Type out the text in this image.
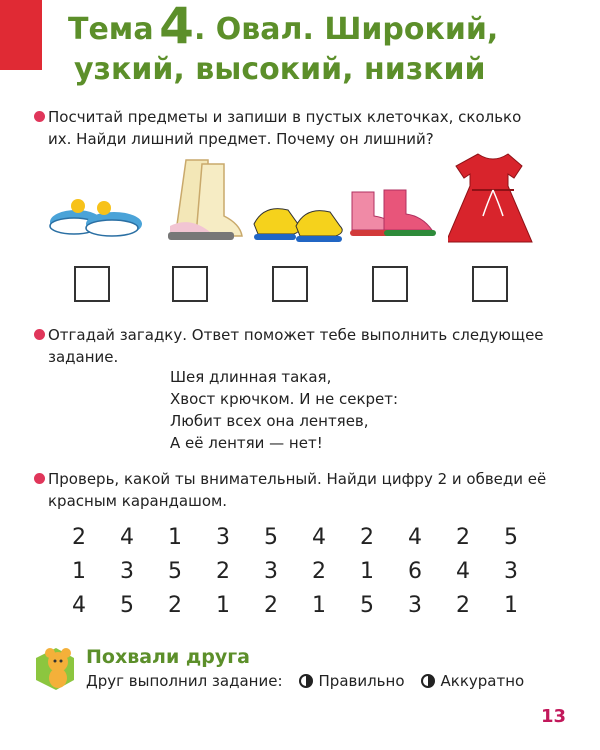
Тема 4. Овал. Широкий,
узкий, высокий, низкий
Посчитай предметы и запиши в пустых клеточках, сколько их. Найди лишний предмет. Почему он лишний?
Отгадай загадку. Ответ поможет тебе выполнить следующее задание.
Шея длинная такая,
Хвост крючком. И не секрет:
Любит всех она лентяев,
А её лентяи — нет!
Проверь, какой ты внимательный. Найди цифру 2 и обведи её красным карандашом.
2	4	1	3	5	4	2	4	2	5
1	3	5	2	3	2	1	6	4	3
4	5	2	1	2	1	5	3	2	1
Похвали друга
Друг выполнил задание: Правильно Аккуратно
13
